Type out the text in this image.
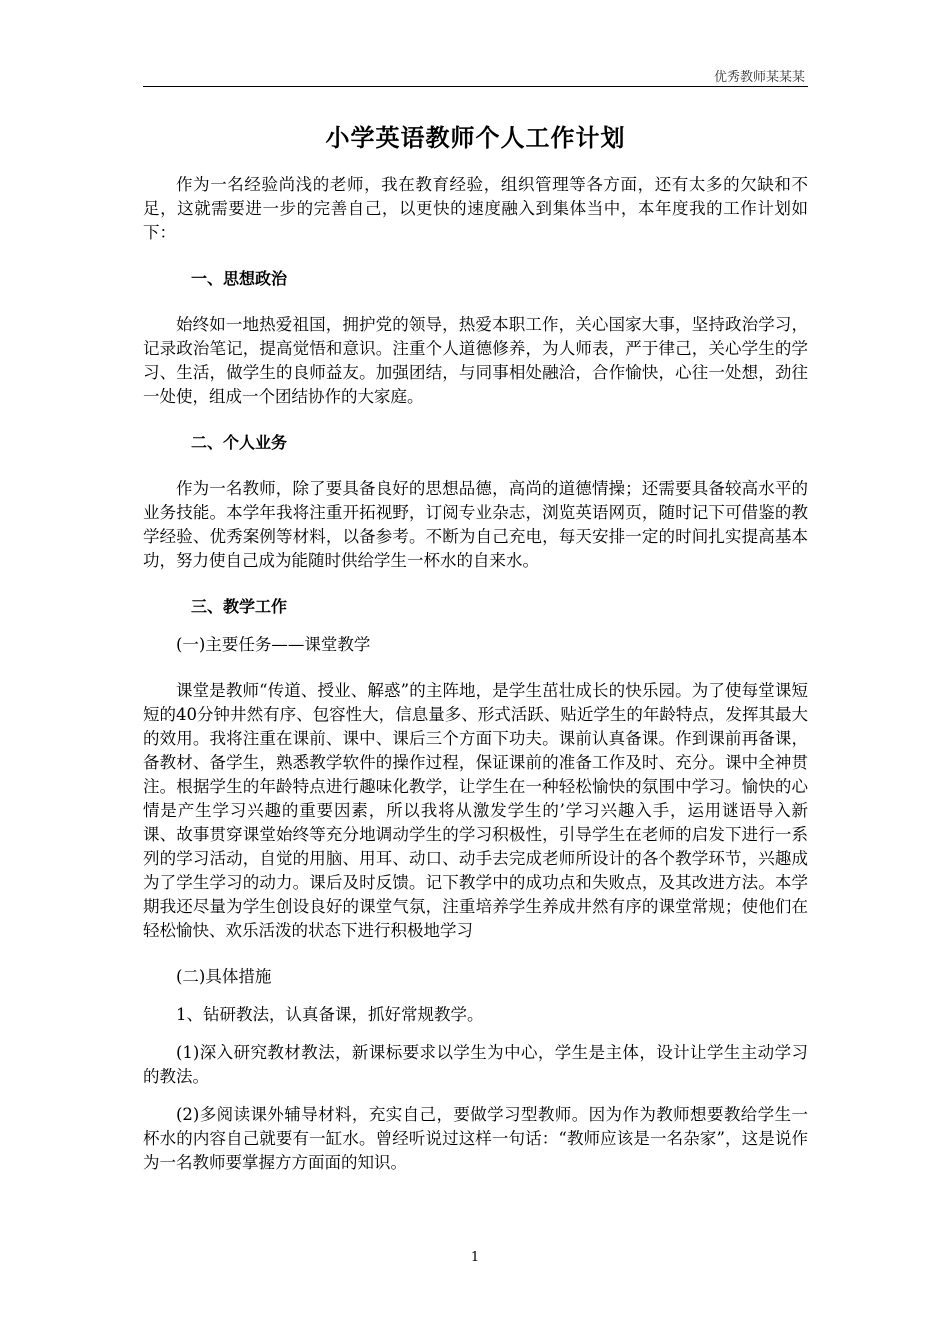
优秀教师某某某
小学英语教师个人工作计划

作为一名经验尚浅的老师，我在教育经验，组织管理等各方面，还有太多的欠缺和不足，这就需要进一步的完善自己，以更快的速度融入到集体当中，本年度我的工作计划如下：

一、思想政治

始终如一地热爱祖国，拥护党的领导，热爱本职工作，关心国家大事，坚持政治学习，记录政治笔记，提高觉悟和意识。注重个人道德修养，为人师表，严于律己，关心学生的学习、生活，做学生的良师益友。加强团结，与同事相处融洽，合作愉快，心往一处想，劲往一处使，组成一个团结协作的大家庭。

二、个人业务

作为一名教师，除了要具备良好的思想品德，高尚的道德情操；还需要具备较高水平的业务技能。本学年我将注重开拓视野，订阅专业杂志，浏览英语网页，随时记下可借鉴的教学经验、优秀案例等材料，以备参考。不断为自己充电，每天安排一定的时间扎实提高基本功，努力使自己成为能随时供给学生一杯水的自来水。

三、教学工作

(一)主要任务——课堂教学

课堂是教师“传道、授业、解惑”的主阵地，是学生茁壮成长的快乐园。为了使每堂课短短的40分钟井然有序、包容性大，信息量多、形式活跃、贴近学生的年龄特点，发挥其最大的效用。我将注重在课前、课中、课后三个方面下功夫。课前认真备课。作到课前再备课，备教材、备学生，熟悉教学软件的操作过程，保证课前的准备工作及时、充分。课中全神贯注。根据学生的年龄特点进行趣味化教学，让学生在一种轻松愉快的氛围中学习。愉快的心情是产生学习兴趣的重要因素，所以我将从激发学生的’学习兴趣入手，运用谜语导入新课、故事贯穿课堂始终等充分地调动学生的学习积极性，引导学生在老师的启发下进行一系列的学习活动，自觉的用脑、用耳、动口、动手去完成老师所设计的各个教学环节，兴趣成为了学生学习的动力。课后及时反馈。记下教学中的成功点和失败点，及其改进方法。本学期我还尽量为学生创设良好的课堂气氛，注重培养学生养成井然有序的课堂常规；使他们在轻松愉快、欢乐活泼的状态下进行积极地学习

(二)具体措施

1、钻研教法，认真备课，抓好常规教学。

(1)深入研究教材教法，新课标要求以学生为中心，学生是主体，设计让学生主动学习的教法。

(2)多阅读课外辅导材料，充实自己，要做学习型教师。因为作为教师想要教给学生一杯水的内容自己就要有一缸水。曾经听说过这样一句话：“教师应该是一名杂家”，这是说作为一名教师要掌握方方面面的知识。

1
